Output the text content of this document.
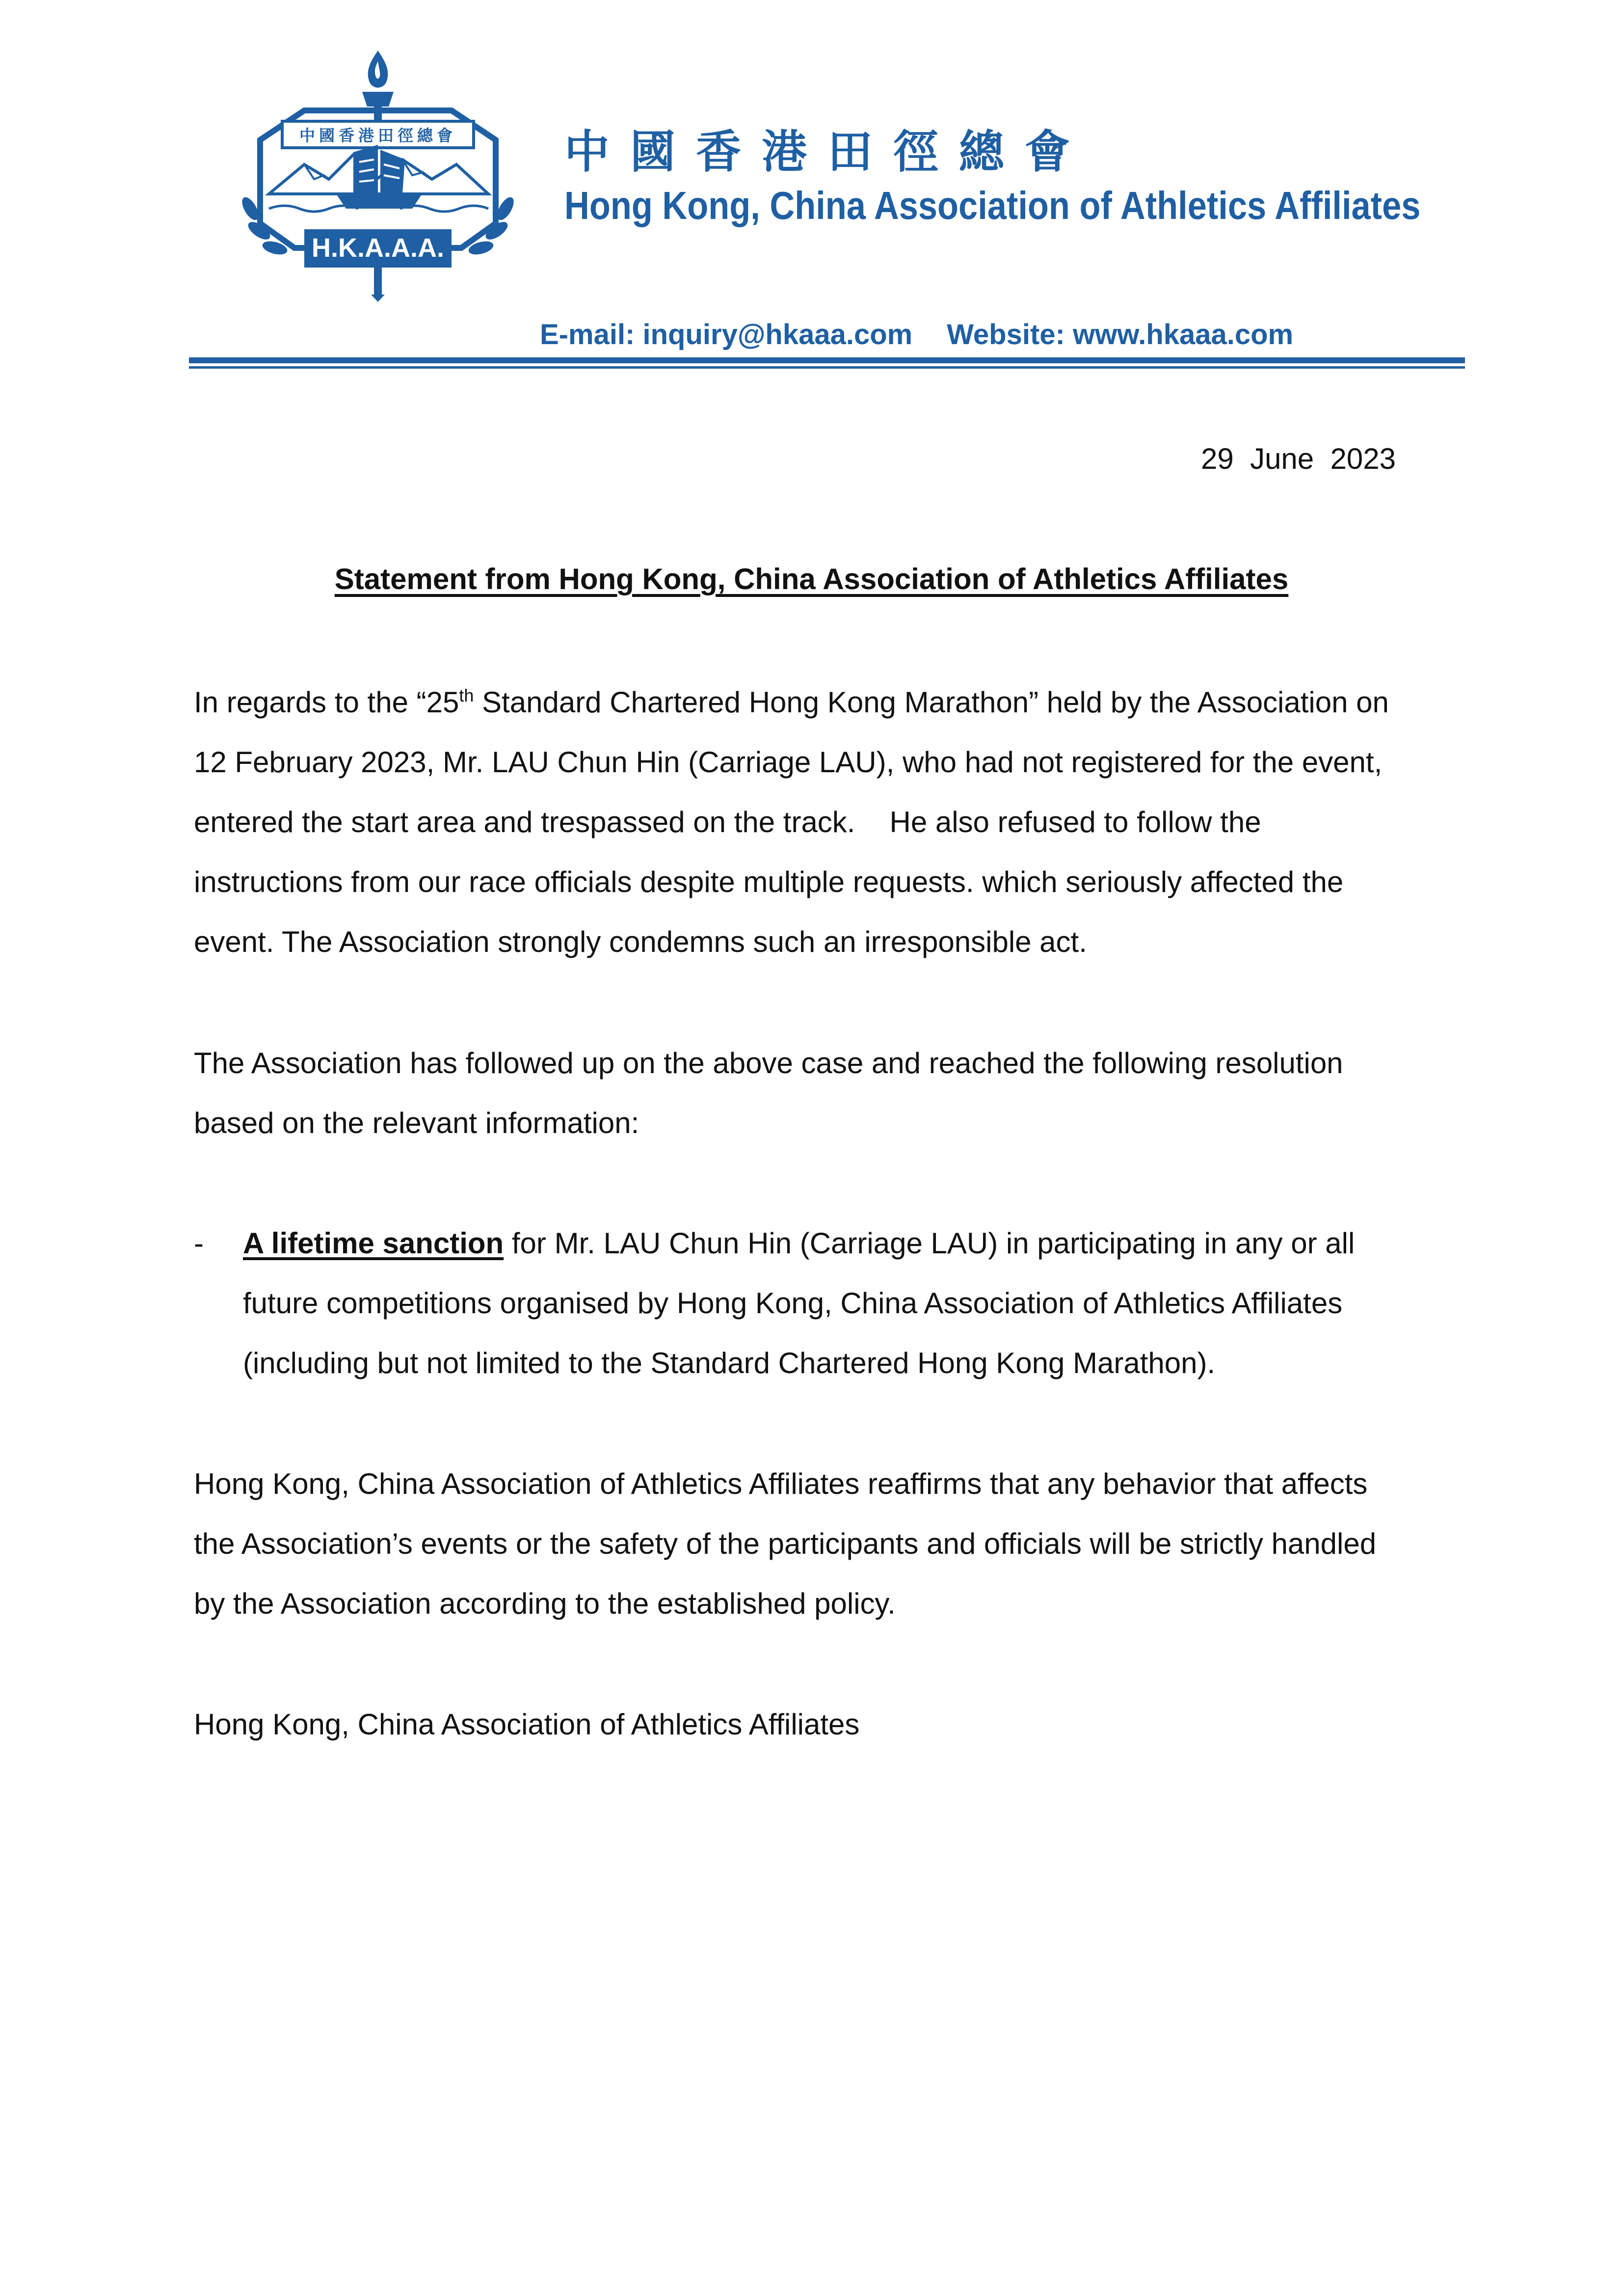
中國香港田徑總會
H.K.A.A.A.
中國香港田徑總會
Hong Kong, China Association of Athletics Affiliates
E-mail: inquiry@hkaaa.com Website: www.hkaaa.com
29  June  2023
Statement from Hong Kong, China Association of Athletics Affiliates
In regards to the “25th Standard Chartered Hong Kong Marathon” held by the Association on 12 February 2023, Mr. LAU Chun Hin (Carriage LAU), who had not registered for the event, entered the start area and trespassed on the track. He also refused to follow the instructions from our race officials despite multiple requests. which seriously affected the event. The Association strongly condemns such an irresponsible act.
The Association has followed up on the above case and reached the following resolution based on the relevant information:
- A lifetime sanction for Mr. LAU Chun Hin (Carriage LAU) in participating in any or all future competitions organised by Hong Kong, China Association of Athletics Affiliates (including but not limited to the Standard Chartered Hong Kong Marathon).
Hong Kong, China Association of Athletics Affiliates reaffirms that any behavior that affects the Association’s events or the safety of the participants and officials will be strictly handled by the Association according to the established policy.
Hong Kong, China Association of Athletics Affiliates
